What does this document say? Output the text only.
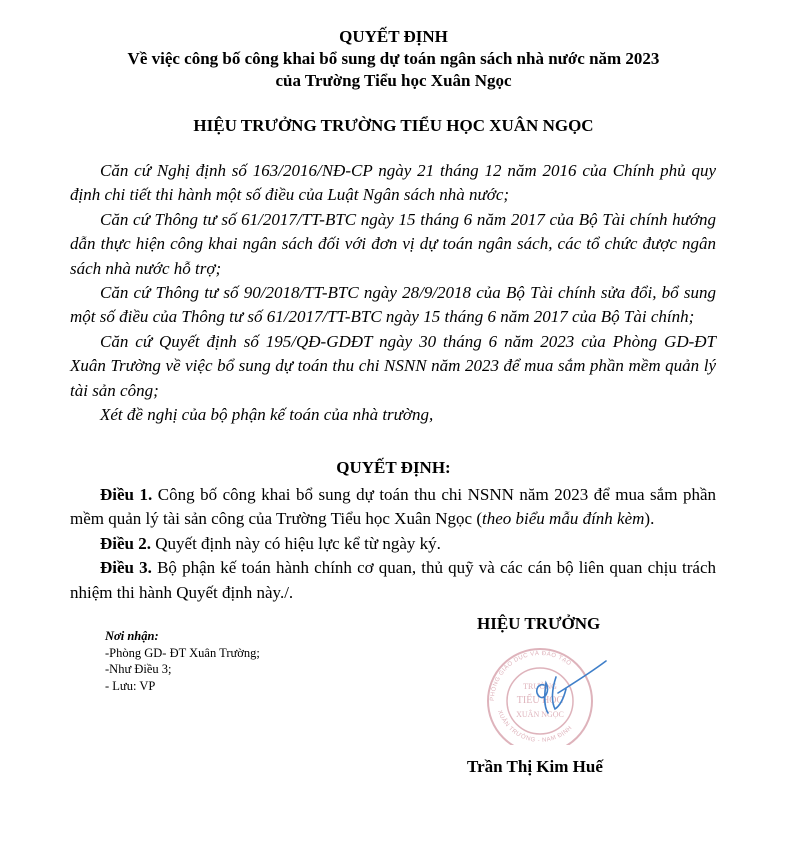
QUYẾT ĐỊNH
Về việc công bố công khai bổ sung dự toán ngân sách nhà nước năm 2023
của Trường Tiểu học Xuân Ngọc
HIỆU TRƯỞNG TRƯỜNG TIỂU HỌC XUÂN NGỌC

Căn cứ Nghị định số 163/2016/NĐ-CP ngày 21 tháng 12 năm 2016 của Chính phủ quy định chi tiết thi hành một số điều của Luật Ngân sách nhà nước;

Căn cứ Thông tư số 61/2017/TT-BTC ngày 15 tháng 6 năm 2017 của Bộ Tài chính hướng dẫn thực hiện công khai ngân sách đối với đơn vị dự toán ngân sách, các tổ chức được ngân sách nhà nước hỗ trợ;

Căn cứ Thông tư số 90/2018/TT-BTC ngày 28/9/2018 của Bộ Tài chính sửa đổi, bổ sung một số điều của Thông tư số 61/2017/TT-BTC ngày 15 tháng 6 năm 2017 của Bộ Tài chính;

Căn cứ Quyết định số 195/QĐ-GDĐT ngày 30 tháng 6 năm 2023 của Phòng GD-ĐT Xuân Trường về việc bổ sung dự toán thu chi NSNN năm 2023 để mua sắm phần mềm quản lý tài sản công;

Xét đề nghị của bộ phận kế toán của nhà trường,

QUYẾT ĐỊNH:

Điều 1. Công bố công khai bổ sung dự toán thu chi NSNN năm 2023 để mua sắm phần mềm quản lý tài sản công của Trường Tiểu học Xuân Ngọc (theo biểu mẫu đính kèm).

Điều 2. Quyết định này có hiệu lực kể từ ngày ký.

Điều 3. Bộ phận kế toán hành chính cơ quan, thủ quỹ và các cán bộ liên quan chịu trách nhiệm thi hành Quyết định này./.

Nơi nhận:
-Phòng GD- ĐT Xuân Trường;
-Như Điều 3;
- Lưu: VP
HIỆU TRƯỞNG
PHÒNG GIÁO DỤC VÀ ĐÀO TẠO
XUÂN TRƯỜNG - NAM ĐỊNH
TRƯỜNG
TIỂU HỌC
XUÂN NGỌC
Trần Thị Kim Huế
